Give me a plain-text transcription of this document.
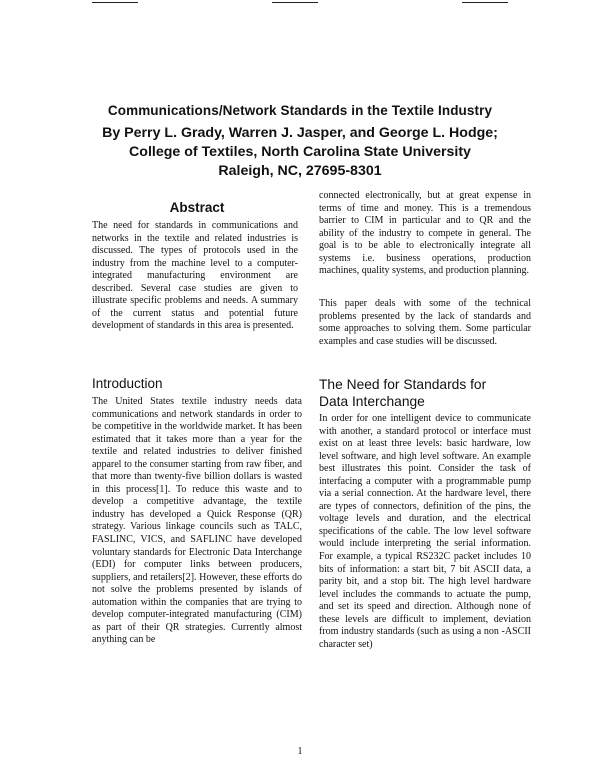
Communications/Network Standards in the Textile Industry
By Perry L. Grady, Warren J. Jasper, and George L. Hodge;
College of Textiles, North Carolina State University
Raleigh, NC, 27695-8301
Abstract

The need for standards in communications and networks in the textile and related industries is discussed. The types of protocols used in the industry from the machine level to a computer-integrated manufacturing environment are described. Several case studies are given to illustrate specific problems and needs. A summary of the current status and potential future development of standards in this area is presented.

Introduction

The United States textile industry needs data communications and network standards in order to be competitive in the worldwide market. It has been estimated that it takes more than a year for the textile and related industries to deliver finished apparel to the consumer starting from raw fiber, and that more than twenty-five billion dollars is wasted in this process[1]. To reduce this waste and to develop a competitive advantage, the textile industry has developed a Quick Response (QR) strategy. Various linkage councils such as TALC, FASLINC, VICS, and SAFLINC have developed voluntary standards for Electronic Data Interchange (EDI) for computer links between producers, suppliers, and retailers[2]. However, these efforts do not solve the problems presented by islands of automation within the companies that are trying to develop computer-integrated manufacturing (CIM) as part of their QR strategies. Currently almost anything can be

connected electronically, but at great expense in terms of time and money. This is a tremendous barrier to CIM in particular and to QR and the ability of the industry to compete in general. The goal is to be able to electronically integrate all systems i.e. business operations, production machines, quality systems, and production planning.

This paper deals with some of the technical problems presented by the lack of standards and some approaches to solving them. Some particular examples and case studies will be discussed.

The Need for Standards for
Data Interchange

In order for one intelligent device to communicate with another, a standard protocol or interface must exist on at least three levels: basic hardware, low level software, and high level software. An example best illustrates this point. Consider the task of interfacing a computer with a programmable pump via a serial connection. At the hardware level, there are types of connectors, definition of the pins, the voltage levels and duration, and the electrical specifications of the cable. The low level software would include interpreting the serial information. For example, a typical RS232C packet includes 10 bits of information: a start bit, 7 bit ASCII data, a parity bit, and a stop bit. The high level hardware level includes the commands to actuate the pump, and set its speed and direction. Although none of these levels are difficult to implement, deviation from industry standards (such as using a non -ASCII character set)

1
